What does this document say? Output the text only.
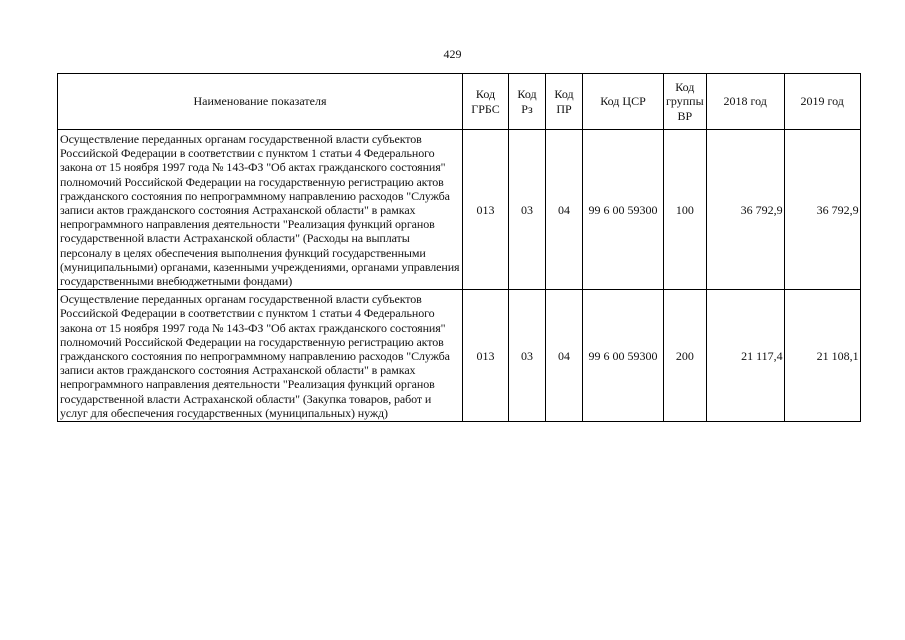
429
Наименование показателя	Код ГРБС	Код Рз	Код ПР	Код ЦСР	Код группы ВР	2018 год	2019 год
Осуществление переданных органам государственной власти субъектов Российской Федерации в соответствии с пунктом 1 статьи 4 Федерального закона от 15 ноября 1997 года № 143-ФЗ "Об актах гражданского состояния" полномочий Российской Федерации на государственную регистрацию актов гражданского состояния по непрограммному направлению расходов "Служба записи актов гражданского состояния Астраханской области" в рамках непрограммного направления деятельности "Реализация функций органов государственной власти Астраханской области" (Расходы на выплаты персоналу в целях обеспечения выполнения функций государственными (муниципальными) органами, казенными учреждениями, органами управления государственными внебюджетными фондами)	013	03	04	99 6 00 59300	100	36 792,9	36 792,9
Осуществление переданных органам государственной власти субъектов Российской Федерации в соответствии с пунктом 1 статьи 4 Федерального закона от 15 ноября 1997 года № 143-ФЗ "Об актах гражданского состояния" полномочий Российской Федерации на государственную регистрацию актов гражданского состояния по непрограммному направлению расходов "Служба записи актов гражданского состояния Астраханской области" в рамках непрограммного направления деятельности "Реализация функций органов государственной власти Астраханской области" (Закупка товаров, работ и услуг для обеспечения государственных (муниципальных) нужд)	013	03	04	99 6 00 59300	200	21 117,4	21 108,1
